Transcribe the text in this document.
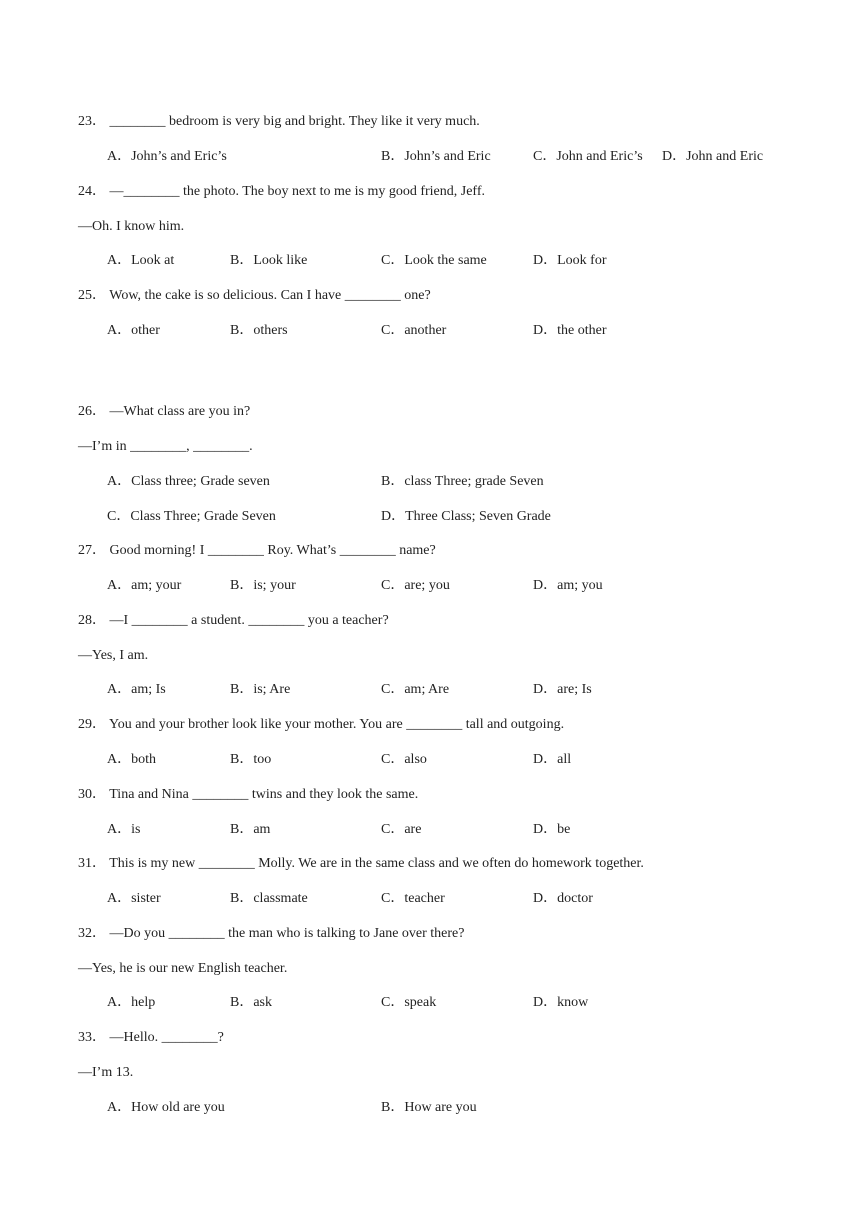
23． ________ bedroom is very big and bright. They like it very much.
A．John’s and Eric’s	B．John’s and Eric	C．John and Eric’s D．John and Eric
24． —________ the photo. The boy next to me is my good friend, Jeff.
—Oh. I know him.
A．Look at	B．Look like	C．Look the same	D．Look for
25． Wow, the cake is so delicious. Can I have ________ one?
A．other	B．others	C．another	D．the other
26． —What class are you in?
—I’m in ________, ________.
A．Class three; Grade seven	B．class Three; grade Seven
C．Class Three; Grade Seven	D．Three Class; Seven Grade
27． Good morning! I ________ Roy. What’s ________ name?
A．am; your	B．is; your	C．are; you	D．am; you
28． —I ________ a student. ________ you a teacher?
—Yes, I am.
A．am; Is	B．is; Are	C．am; Are	D．are; Is
29． You and your brother look like your mother. You are ________ tall and outgoing.
A．both	B．too	C．also	D．all
30． Tina and Nina ________ twins and they look the same.
A．is	B．am	C．are	D．be
31． This is my new ________ Molly. We are in the same class and we often do homework together.
A．sister	B．classmate	C．teacher	D．doctor
32． —Do you ________ the man who is talking to Jane over there?
—Yes, he is our new English teacher.
A．help	B．ask	C．speak	D．know
33． —Hello. ________?
—I’m 13.
A．How old are you	B．How are you
